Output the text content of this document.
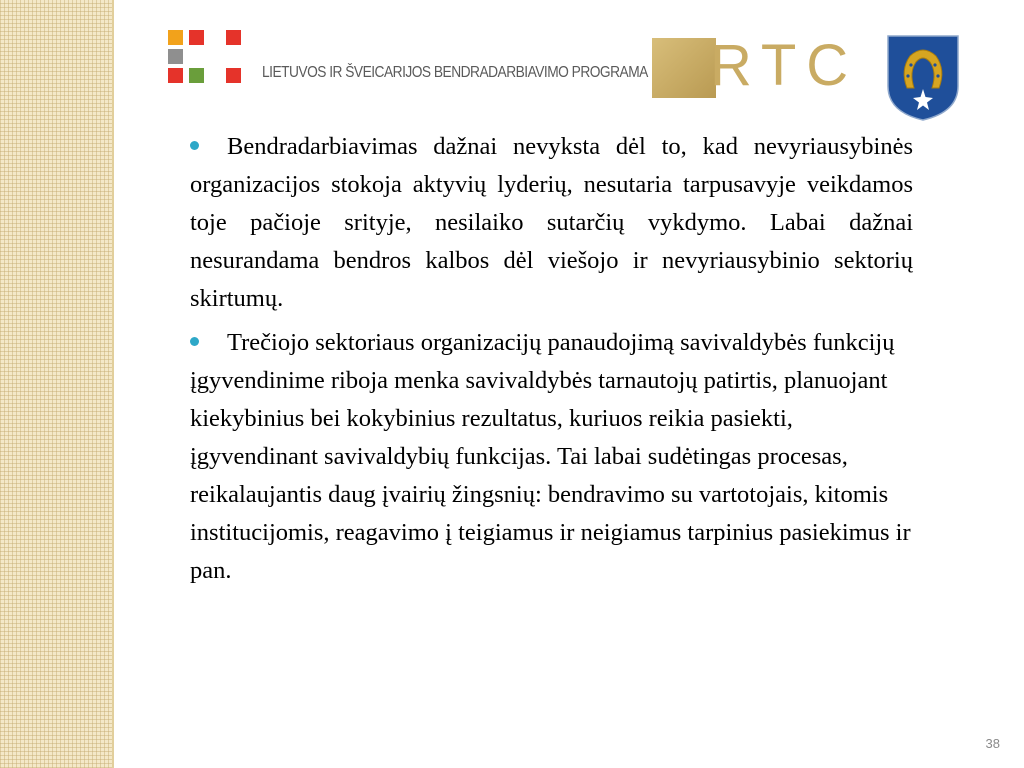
LIETUVOS IR ŠVEICARIJOS BENDRADARBIAVIMO PROGRAMA RTC

Bendradarbiavimas dažnai nevyksta dėl to, kad nevyriausybinės organizacijos stokoja aktyvių lyderių, nesutaria tarpusavyje veikdamos toje pačioje srityje, nesilaiko sutarčių vykdymo. Labai dažnai nesurandama bendros kalbos dėl viešojo ir nevyriausybinio sektorių skirtumų.

Trečiojo sektoriaus organizacijų panaudojimą savivaldybės funkcijų įgyvendinime riboja menka savivaldybės tarnautojų patirtis, planuojant kiekybinius bei kokybinius rezultatus, kuriuos reikia pasiekti, įgyvendinant savivaldybių funkcijas. Tai labai sudėtingas procesas, reikalaujantis daug įvairių žingsnių: bendravimo su vartotojais, kitomis institucijomis, reagavimo į teigiamus ir neigiamus tarpinius pasiekimus ir pan.

38
